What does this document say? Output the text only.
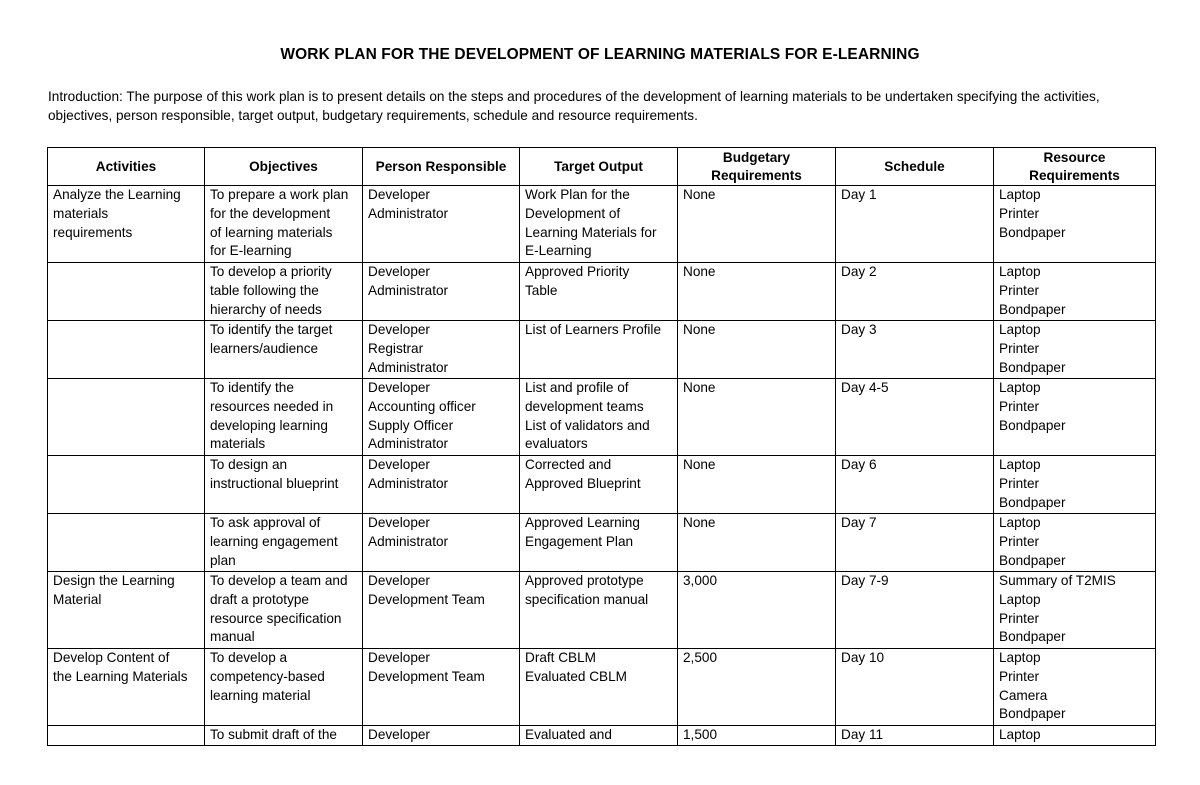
WORK PLAN FOR THE DEVELOPMENT OF LEARNING MATERIALS FOR E-LEARNING
Introduction: The purpose of this work plan is to present details on the steps and procedures of the development of learning materials to be undertaken specifying the activities,
objectives, person responsible, target output, budgetary requirements, schedule and resource requirements.
Activities	Objectives	Person Responsible	Target Output	Budgetary
Requirements	Schedule	Resource
Requirements

Analyze the Learning
materials
requirements	To prepare a work plan
for the development
of learning materials
for E-learning	Developer
Administrator	Work Plan for the
Development of
Learning Materials for
E-Learning	None	Day 1	Laptop
Printer
Bondpaper

	To develop a priority
table following the
hierarchy of needs	Developer
Administrator	Approved Priority
Table	None	Day 2	Laptop
Printer
Bondpaper

	To identify the target
learners/audience	Developer
Registrar
Administrator	List of Learners Profile	None	Day 3	Laptop
Printer
Bondpaper

	To identify the
resources needed in
developing learning
materials	Developer
Accounting officer
Supply Officer
Administrator	List and profile of
development teams
List of validators and
evaluators	None	Day 4-5	Laptop
Printer
Bondpaper

	To design an
instructional blueprint	Developer
Administrator	Corrected and
Approved Blueprint	None	Day 6	Laptop
Printer
Bondpaper

	To ask approval of
learning engagement
plan	Developer
Administrator	Approved Learning
Engagement Plan	None	Day 7	Laptop
Printer
Bondpaper

Design the Learning
Material	To develop a team and
draft a prototype
resource specification
manual	Developer
Development Team	Approved prototype
specification manual	3,000	Day 7-9	Summary of T2MIS
Laptop
Printer
Bondpaper

Develop Content of
the Learning Materials	To develop a
competency-based
learning material	Developer
Development Team	Draft CBLM
Evaluated CBLM	2,500	Day 10	Laptop
Printer
Camera
Bondpaper

	To submit draft of the	Developer	Evaluated and	1,500	Day 11	Laptop
